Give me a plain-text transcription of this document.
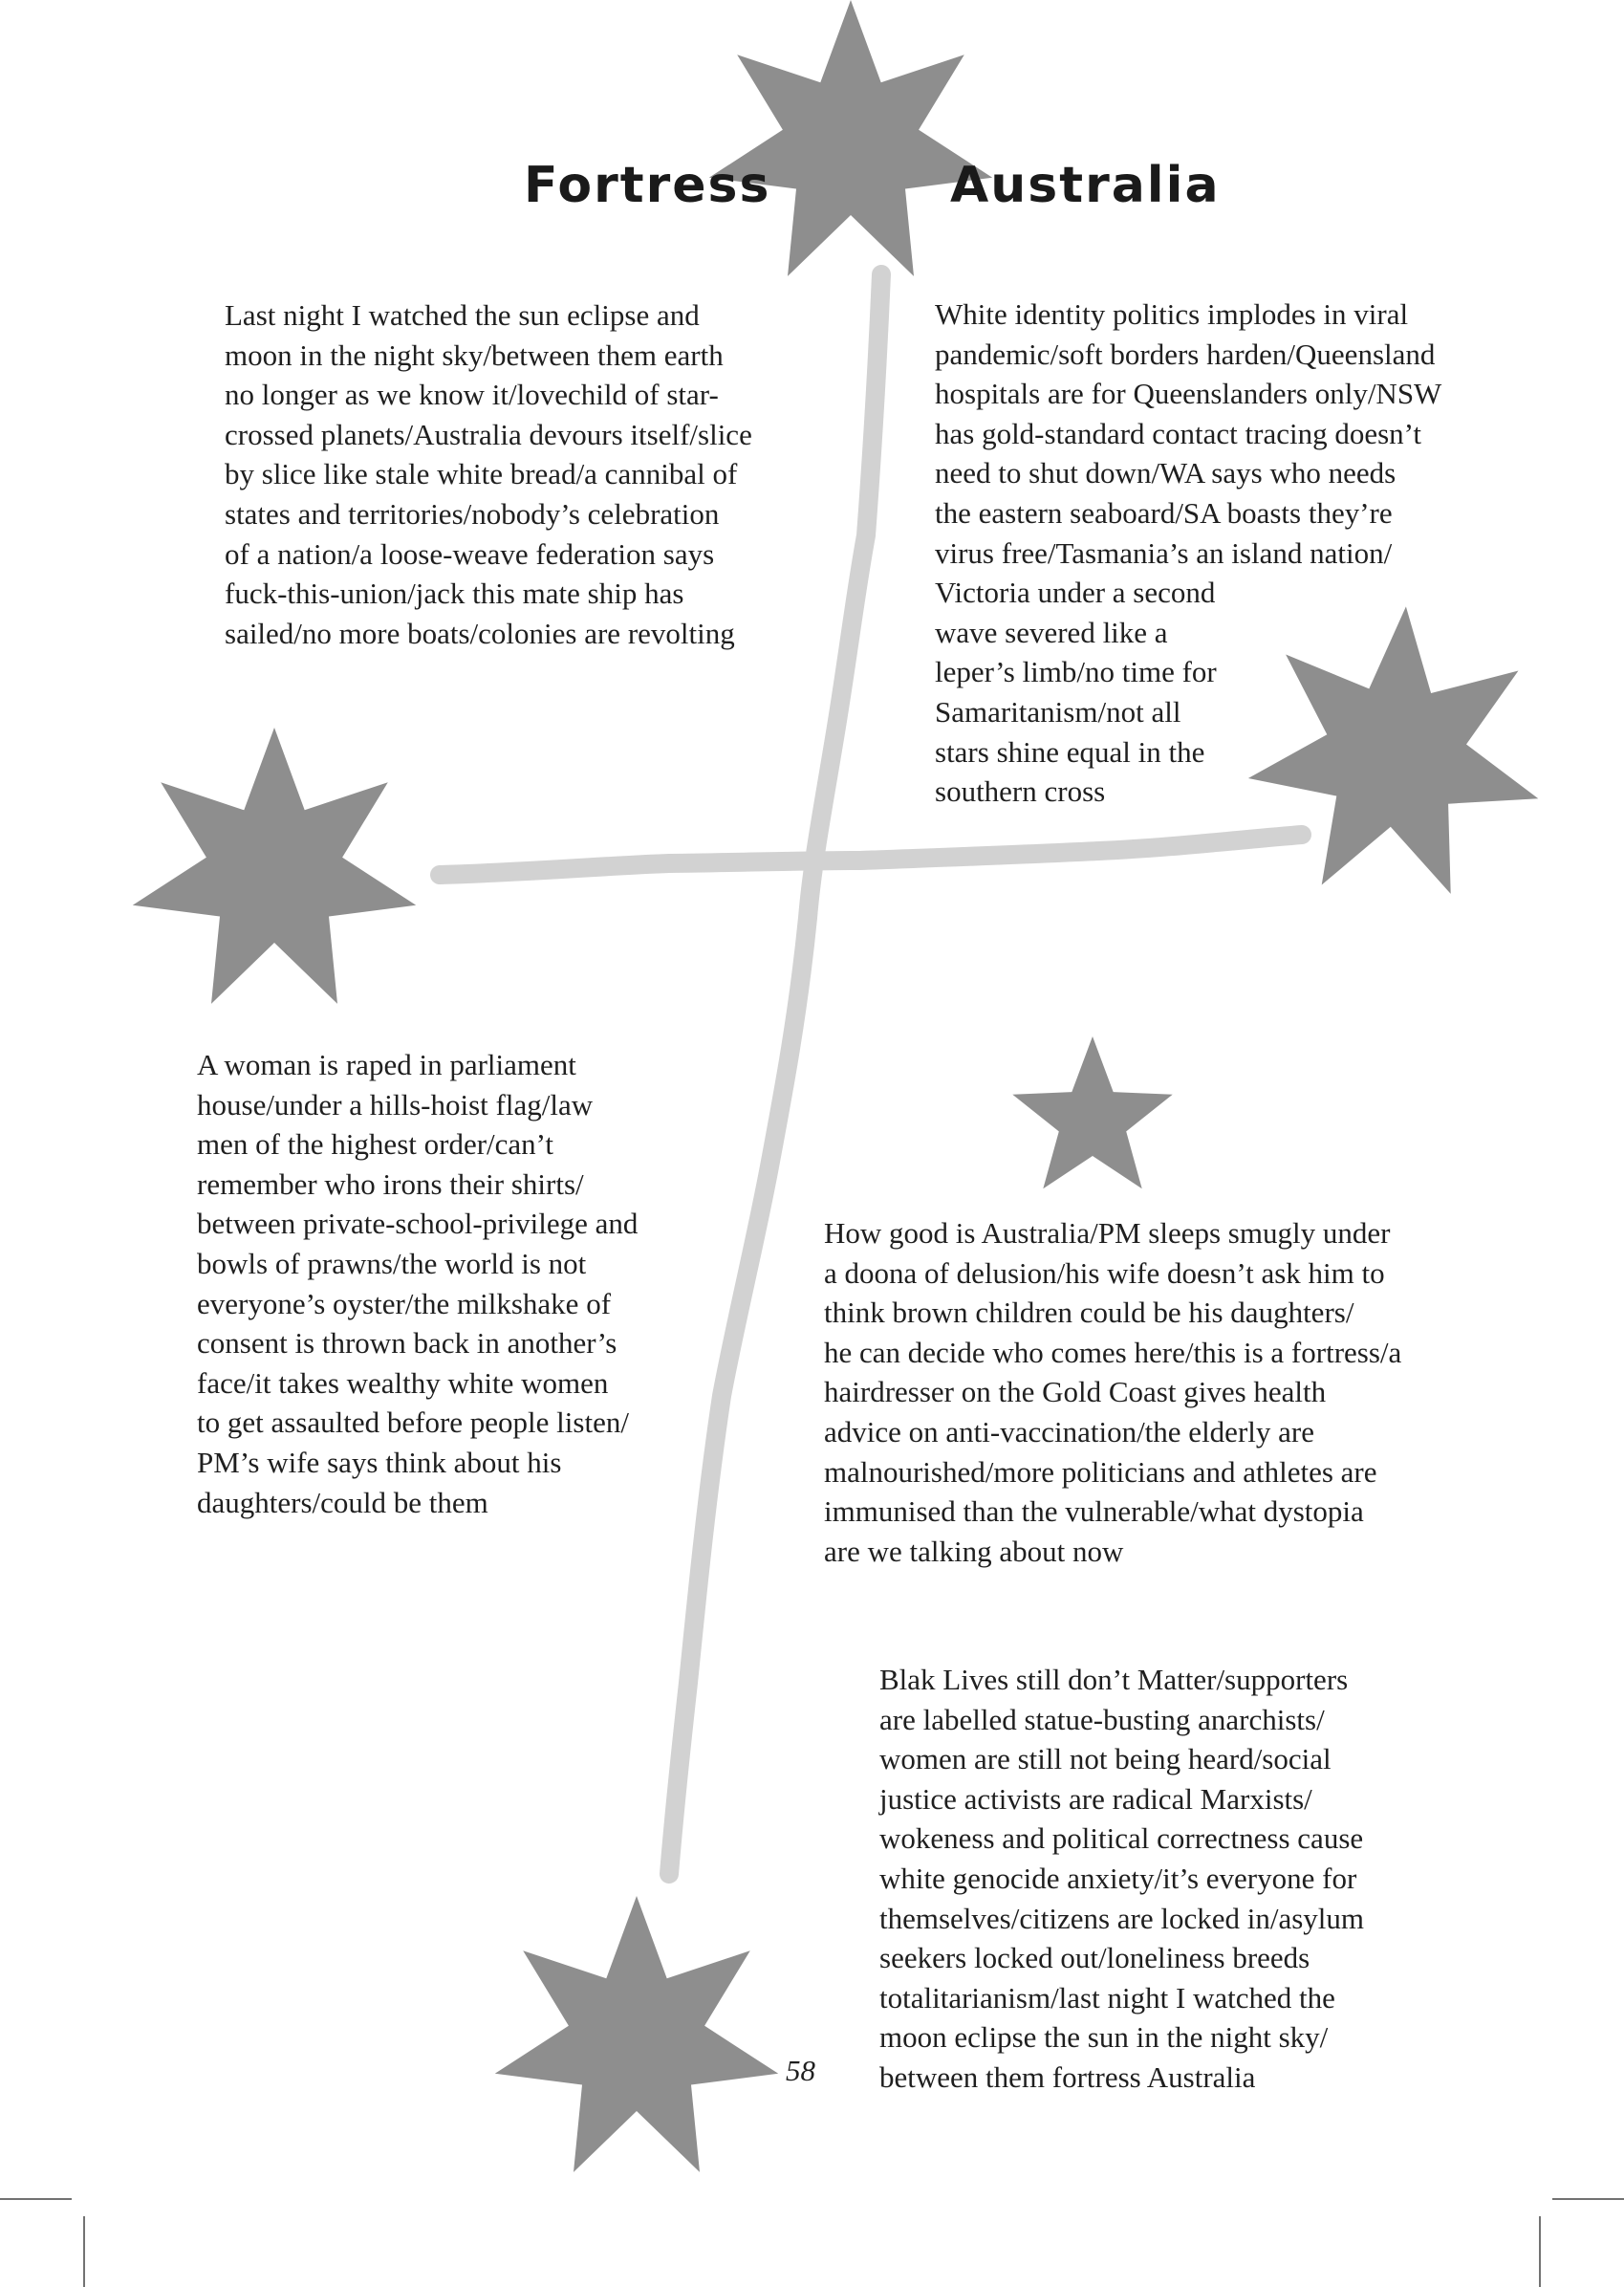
Fortress	Australia
Last night I watched the sun eclipse and
moon in the night sky/between them earth
no longer as we know it/lovechild of star-
crossed planets/Australia devours itself/slice
by slice like stale white bread/a cannibal of
states and territories/nobody’s celebration
of a nation/a loose-weave federation says
fuck-this-union/jack this mate ship has
sailed/no more boats/colonies are revolting
White identity politics implodes in viral
pandemic/soft borders harden/Queensland
hospitals are for Queenslanders only/NSW
has gold-standard contact tracing doesn’t
need to shut down/WA says who needs
the eastern seaboard/SA boasts they’re
virus free/Tasmania’s an island nation/
Victoria under a second
wave severed like a
leper’s limb/no time for
Samaritanism/not all
stars shine equal in the
southern cross
A woman is raped in parliament
house/under a hills-hoist flag/law
men of the highest order/can’t
remember who irons their shirts/
between private-school-privilege and
bowls of prawns/the world is not
everyone’s oyster/the milkshake of
consent is thrown back in another’s
face/it takes wealthy white women
to get assaulted before people listen/
PM’s wife says think about his
daughters/could be them
How good is Australia/PM sleeps smugly under
a doona of delusion/his wife doesn’t ask him to
think brown children could be his daughters/
he can decide who comes here/this is a fortress/a
hairdresser on the Gold Coast gives health
advice on anti-vaccination/the elderly are
malnourished/more politicians and athletes are
immunised than the vulnerable/what dystopia
are we talking about now
Blak Lives still don’t Matter/supporters
are labelled statue-busting anarchists/
women are still not being heard/social
justice activists are radical Marxists/
wokeness and political correctness cause
white genocide anxiety/it’s everyone for
themselves/citizens are locked in/asylum
seekers locked out/loneliness breeds
totalitarianism/last night I watched the
moon eclipse the sun in the night sky/
between them fortress Australia

58
